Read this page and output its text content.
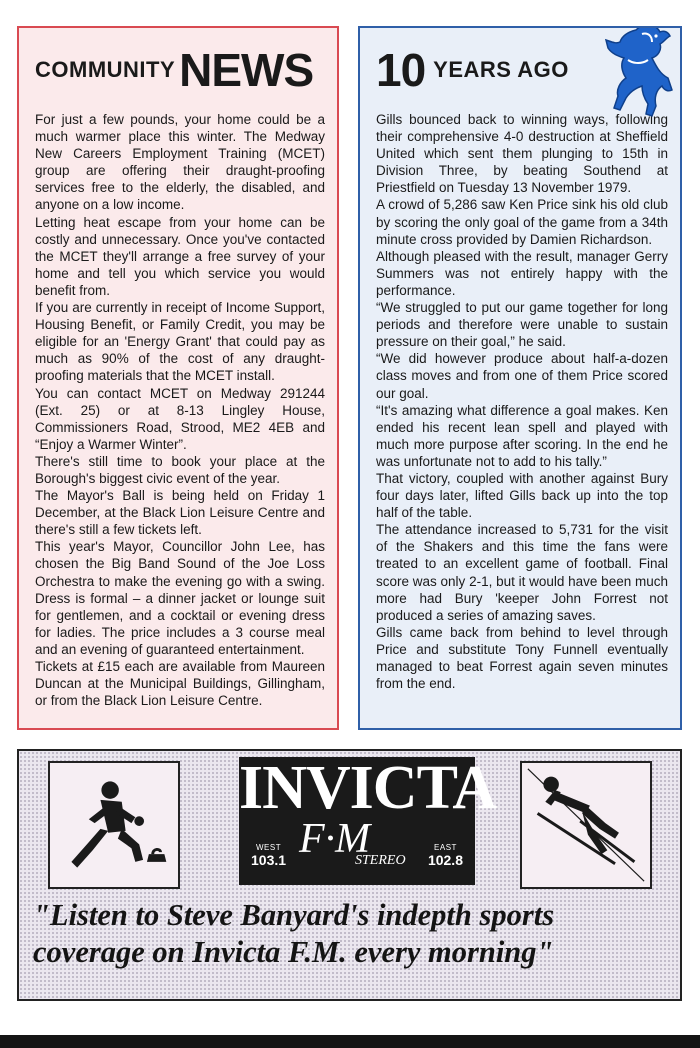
COMMUNITY NEWS

For just a few pounds, your home could be a much warmer place this winter. The Medway New Careers Employment Training (MCET) group are offering their draught-proofing services free to the elderly, the disabled, and anyone on a low income.

Letting heat escape from your home can be costly and unnecessary. Once you've contacted the MCET they'll arrange a free survey of your home and tell you which service you would benefit from.

If you are currently in receipt of Income Support, Housing Benefit, or Family Credit, you may be eligible for an 'Energy Grant' that could pay as much as 90% of the cost of any draught-proofing materials that the MCET install.

You can contact MCET on Medway 291244 (Ext. 25) or at 8-13 Lingley House, Commissioners Road, Strood, ME2 4EB and “Enjoy a Warmer Winter”.

There's still time to book your place at the Borough's biggest civic event of the year.

The Mayor's Ball is being held on Friday 1 December, at the Black Lion Leisure Centre and there's still a few tickets left.

This year's Mayor, Councillor John Lee, has chosen the Big Band Sound of the Joe Loss Orchestra to make the evening go with a swing. Dress is formal – a dinner jacket or lounge suit for gentlemen, and a cocktail or evening dress for ladies. The price includes a 3 course meal and an evening of guaranteed entertainment.

Tickets at £15 each are available from Maureen Duncan at the Municipal Buildings, Gillingham, or from the Black Lion Leisure Centre.

10 YEARS AGO

Gills bounced back to winning ways, following their comprehensive 4-0 destruction at Sheffield United which sent them plunging to 15th in Division Three, by beating Southend at Priestfield on Tuesday 13 November 1979.

A crowd of 5,286 saw Ken Price sink his old club by scoring the only goal of the game from a 34th minute cross provided by Damien Richardson.

Although pleased with the result, manager Gerry Summers was not entirely happy with the performance.

“We struggled to put our game together for long periods and therefore were unable to sustain pressure on their goal,” he said.

“We did however produce about half-a-dozen class moves and from one of them Price scored our goal.

“It's amazing what difference a goal makes. Ken ended his recent lean spell and played with much more purpose after scoring. In the end he was unfortunate not to add to his tally.”

That victory, coupled with another against Bury four days later, lifted Gills back up into the top half of the table.

The attendance increased to 5,731 for the visit of the Shakers and this time the fans were treated to an excellent game of football. Final score was only 2-1, but it would have been much more had Bury 'keeper John Forrest not produced a series of amazing saves.

Gills came back from behind to level through Price and substitute Tony Funnell eventually managed to beat Forrest again seven minutes from the end.

INVICTA
F·M
WEST
103.1	STEREO
EAST
102.8
"Listen to Steve Banyard's indepth sports coverage on Invicta F.M. every morning"
